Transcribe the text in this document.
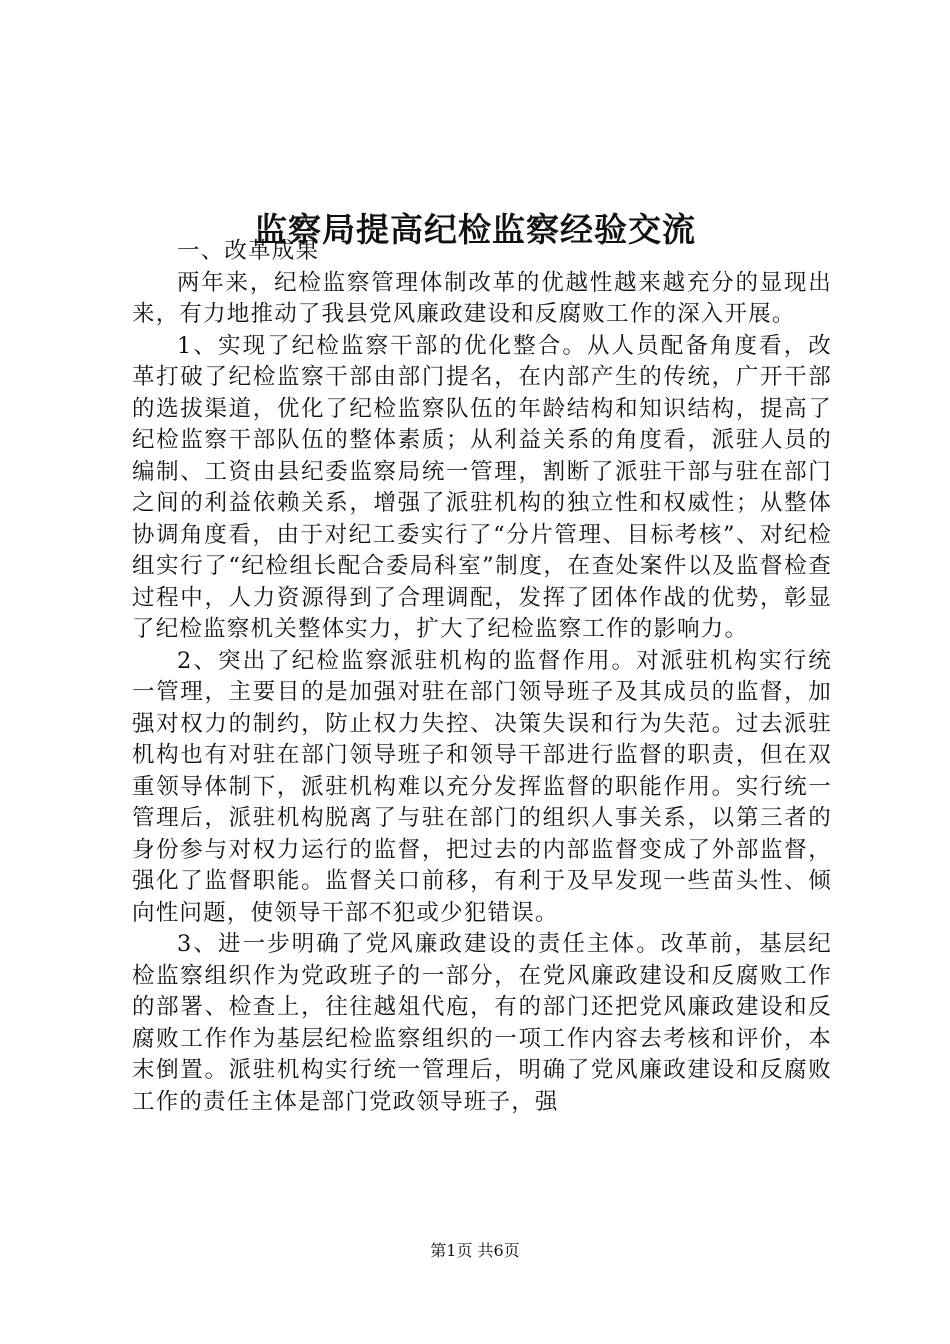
监察局提高纪检监察经验交流

一、改革成果

两年来，纪检监察管理体制改革的优越性越来越充分的显现出来，有力地推动了我县党风廉政建设和反腐败工作的深入开展。

1、实现了纪检监察干部的优化整合。从人员配备角度看，改革打破了纪检监察干部由部门提名，在内部产生的传统，广开干部的选拔渠道，优化了纪检监察队伍的年龄结构和知识结构，提高了纪检监察干部队伍的整体素质；从利益关系的角度看，派驻人员的编制、工资由县纪委监察局统一管理，割断了派驻干部与驻在部门之间的利益依赖关系，增强了派驻机构的独立性和权威性；从整体协调角度看，由于对纪工委实行了“分片管理、目标考核”、对纪检组实行了“纪检组长配合委局科室”制度，在查处案件以及监督检查过程中，人力资源得到了合理调配，发挥了团体作战的优势，彰显了纪检监察机关整体实力，扩大了纪检监察工作的影响力。

2、突出了纪检监察派驻机构的监督作用。对派驻机构实行统一管理，主要目的是加强对驻在部门领导班子及其成员的监督，加强对权力的制约，防止权力失控、决策失误和行为失范。过去派驻机构也有对驻在部门领导班子和领导干部进行监督的职责，但在双重领导体制下，派驻机构难以充分发挥监督的职能作用。实行统一管理后，派驻机构脱离了与驻在部门的组织人事关系，以第三者的身份参与对权力运行的监督，把过去的内部监督变成了外部监督，强化了监督职能。监督关口前移，有利于及早发现一些苗头性、倾向性问题，使领导干部不犯或少犯错误。

3、进一步明确了党风廉政建设的责任主体。改革前，基层纪检监察组织作为党政班子的一部分，在党风廉政建设和反腐败工作的部署、检查上，往往越俎代庖，有的部门还把党风廉政建设和反腐败工作作为基层纪检监察组织的一项工作内容去考核和评价，本末倒置。派驻机构实行统一管理后，明确了党风廉政建设和反腐败工作的责任主体是部门党政领导班子，强

第1页 共6页
